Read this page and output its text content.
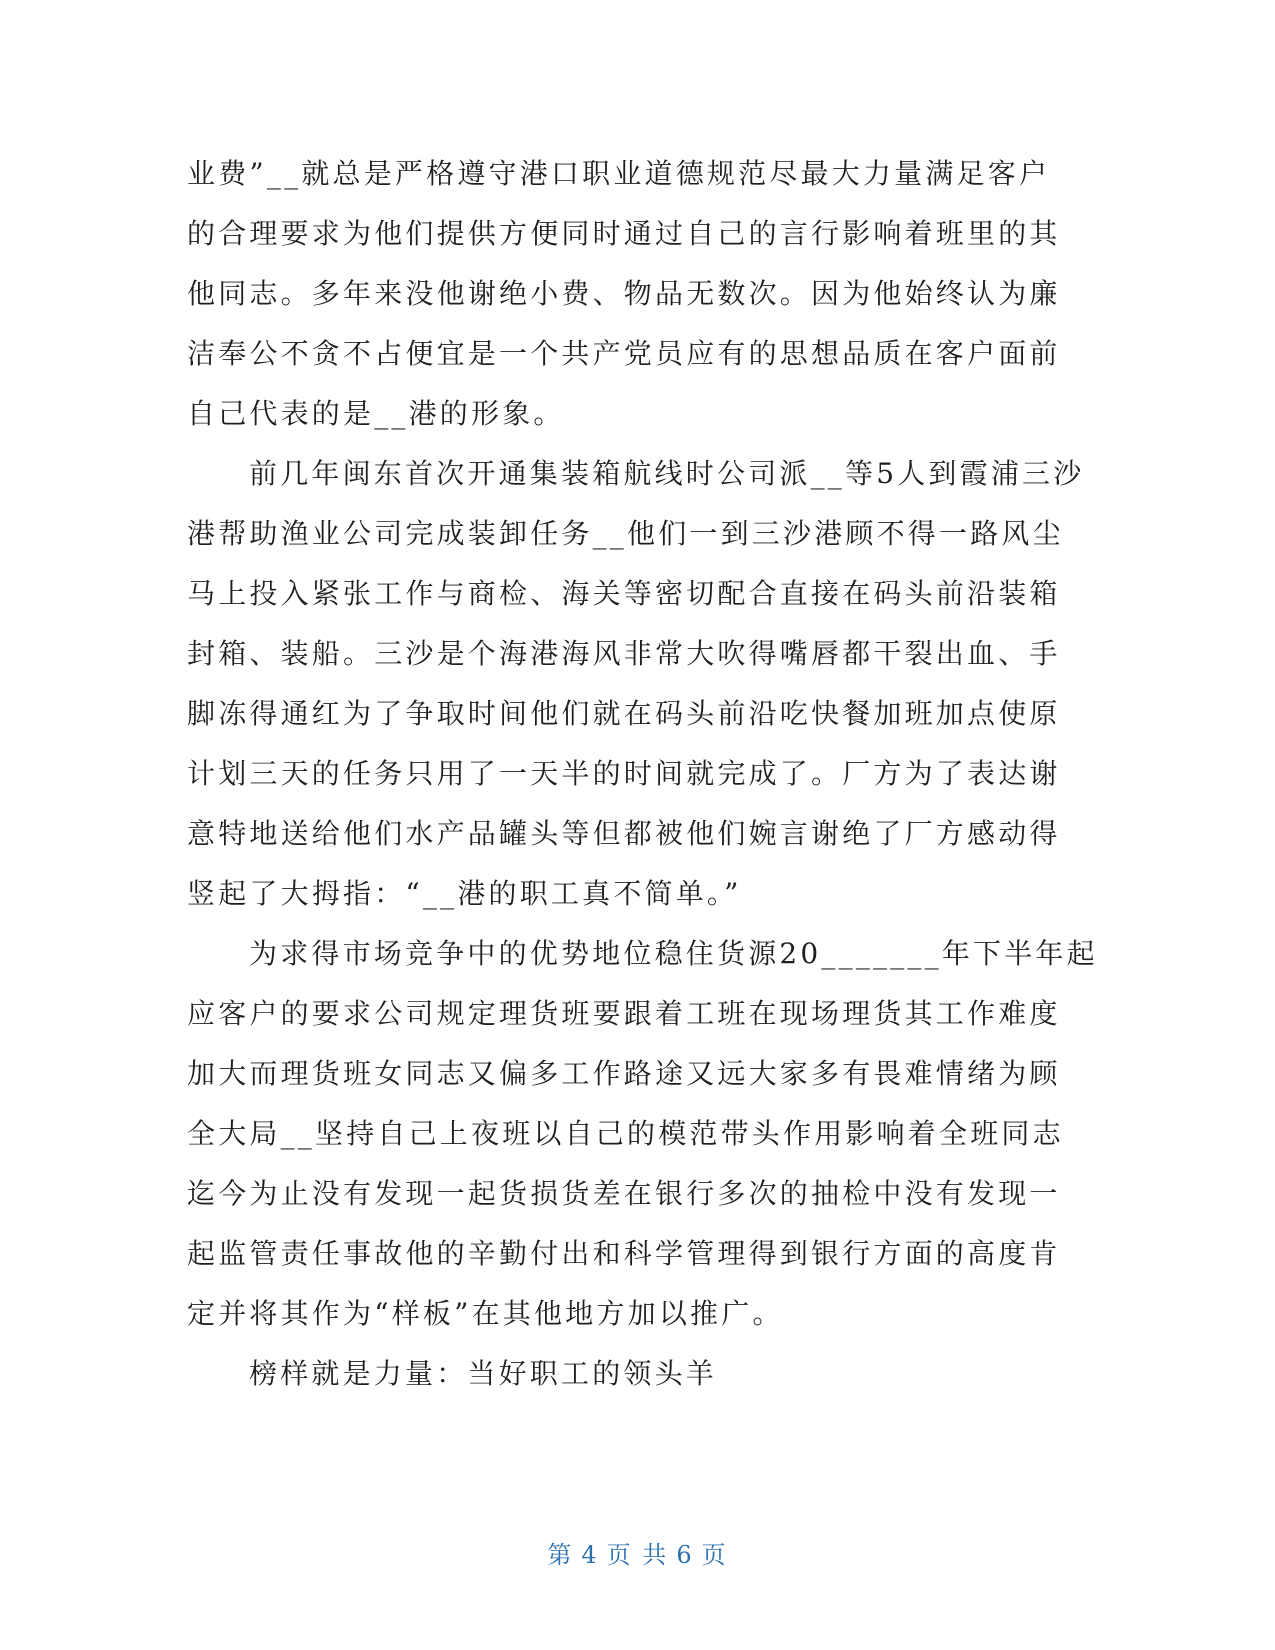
业费”__就总是严格遵守港口职业道德规范尽最大力量满足客户
的合理要求为他们提供方便同时通过自己的言行影响着班里的其
他同志。多年来没他谢绝小费、物品无数次。因为他始终认为廉
洁奉公不贪不占便宜是一个共产党员应有的思想品质在客户面前
自己代表的是__港的形象。
前几年闽东首次开通集装箱航线时公司派__等5人到霞浦三沙
港帮助渔业公司完成装卸任务__他们一到三沙港顾不得一路风尘
马上投入紧张工作与商检、海关等密切配合直接在码头前沿装箱
封箱、装船。三沙是个海港海风非常大吹得嘴唇都干裂出血、手
脚冻得通红为了争取时间他们就在码头前沿吃快餐加班加点使原
计划三天的任务只用了一天半的时间就完成了。厂方为了表达谢
意特地送给他们水产品罐头等但都被他们婉言谢绝了厂方感动得
竖起了大拇指：“__港的职工真不简单。”
为求得市场竞争中的优势地位稳住货源20_______年下半年起
应客户的要求公司规定理货班要跟着工班在现场理货其工作难度
加大而理货班女同志又偏多工作路途又远大家多有畏难情绪为顾
全大局__坚持自己上夜班以自己的模范带头作用影响着全班同志
迄今为止没有发现一起货损货差在银行多次的抽检中没有发现一
起监管责任事故他的辛勤付出和科学管理得到银行方面的高度肯
定并将其作为“样板”在其他地方加以推广。
榜样就是力量：当好职工的领头羊
第 4 页 共 6 页
